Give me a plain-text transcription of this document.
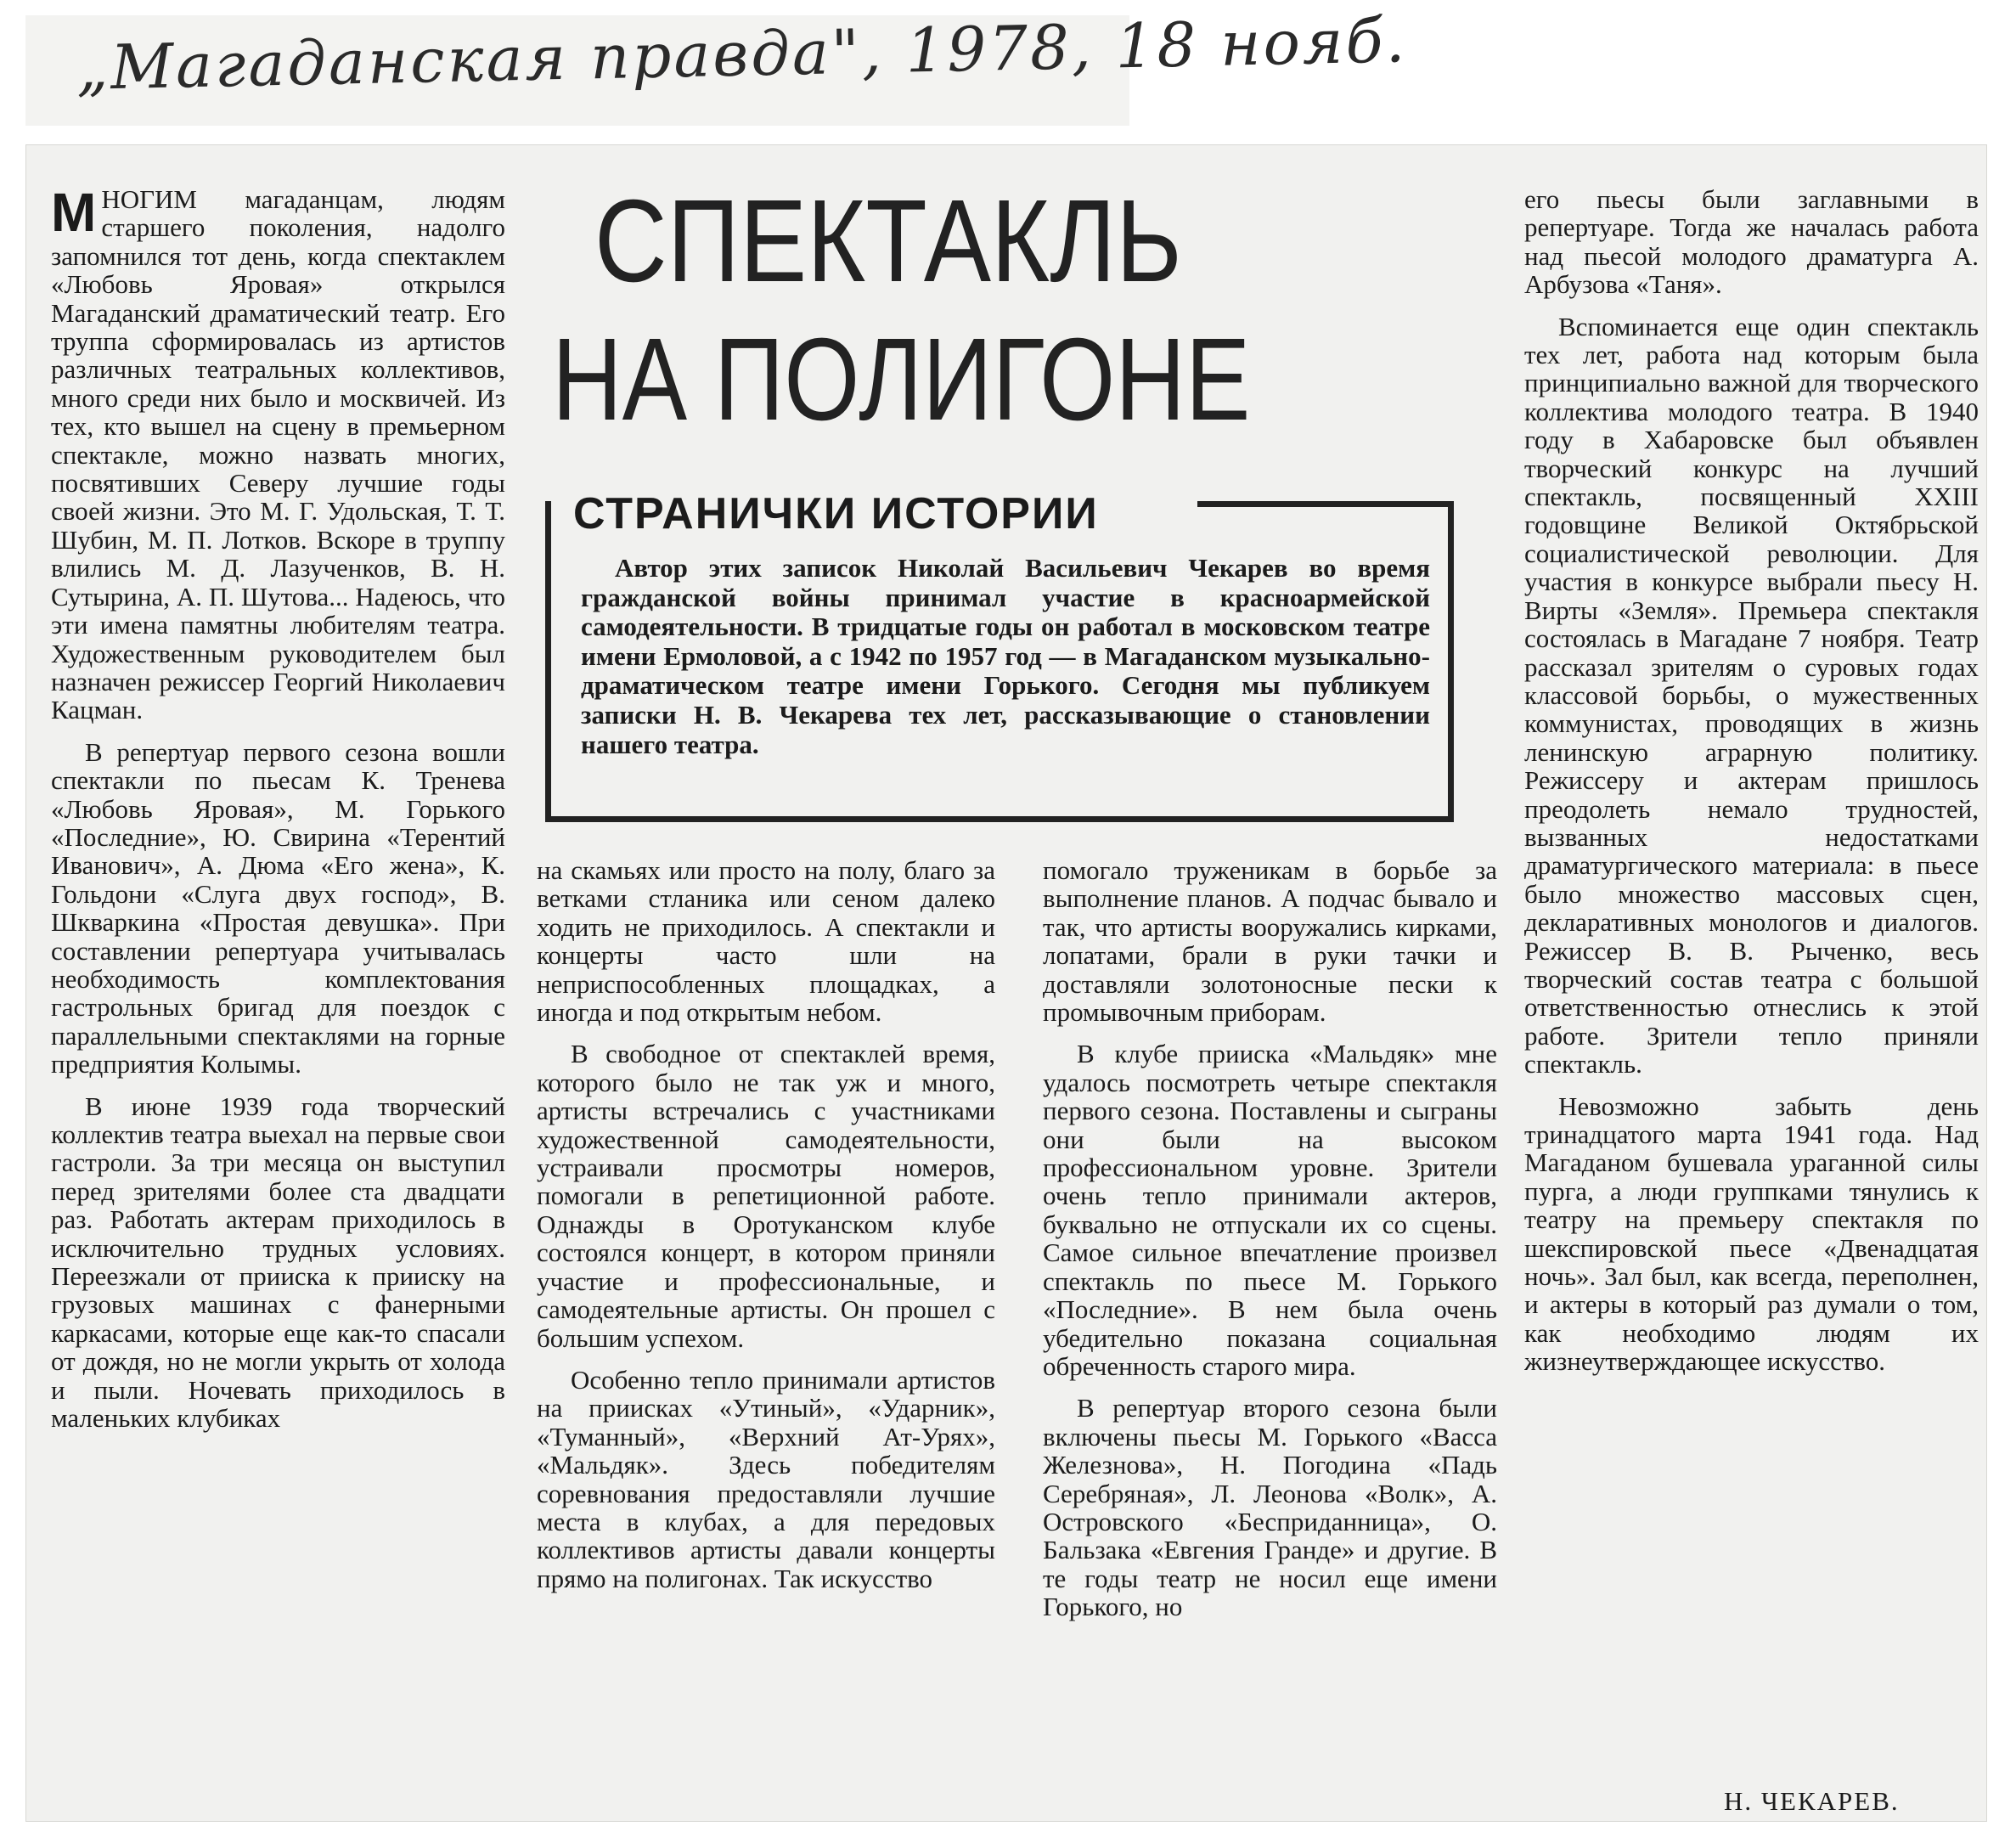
„Магаданская правда", 1978, 18 нояб.

МНОГИМ магаданцам, людям старшего поколения, надолго запомнился тот день, когда спектаклем «Любовь Яровая» открылся Магаданский драматический театр. Его труппа сформировалась из артистов различных театральных коллективов, много среди них было и москвичей. Из тех, кто вышел на сцену в премьерном спектакле, можно назвать многих, посвятивших Северу лучшие годы своей жизни. Это М. Г. Удольская, Т. Т. Шубин, М. П. Лотков. Вскоре в труппу влились М. Д. Лазученков, В. Н. Сутырина, А. П. Шутова... Надеюсь, что эти имена памятны любителям театра. Художественным руководителем был назначен режиссер Георгий Николаевич Кацман.

В репертуар первого сезона вошли спектакли по пьесам К. Тренева «Любовь Яровая», М. Горького «Последние», Ю. Свирина «Терентий Иванович», А. Дюма «Его жена», К. Гольдони «Слуга двух господ», В. Шкваркина «Простая девушка». При составлении репертуара учитывалась необходимость комплектования гастрольных бригад для поездок с параллельными спектаклями на горные предприятия Колымы.

В июне 1939 года творческий коллектив театра выехал на первые свои гастроли. За три месяца он выступил перед зрителями более ста двадцати раз. Работать актерам приходилось в исключительно трудных условиях. Переезжали от прииска к прииску на грузовых машинах с фанерными каркасами, которые еще как-то спасали от дождя, но не могли укрыть от холода и пыли. Ночевать приходилось в маленьких клубиках

СПЕКТАКЛЬ
НА ПОЛИГОНЕ
СТРАНИЧКИ ИСТОРИИ
Автор этих записок Николай Васильевич Чекарев во время гражданской войны принимал участие в красноармейской самодеятельности. В тридцатые годы он работал в московском театре имени Ермоловой, а с 1942 по 1957 год — в Магаданском музыкально-драматическом театре имени Горького. Сегодня мы публикуем записки Н. В. Чекарева тех лет, рассказывающие о становлении нашего театра.

на скамьях или просто на полу, благо за ветками стланика или сеном далеко ходить не приходилось. А спектакли и концерты часто шли на неприспособленных площадках, а иногда и под открытым небом.

В свободное от спектаклей время, которого было не так уж и много, артисты встречались с участниками художественной самодеятельности, устраивали просмотры номеров, помогали в репетиционной работе. Однажды в Оротуканском клубе состоялся концерт, в котором приняли участие и профессиональные, и самодеятельные артисты. Он прошел с большим успехом.

Особенно тепло принимали артистов на приисках «Утиный», «Ударник», «Туманный», «Верхний Ат-Урях», «Мальдяк». Здесь победителям соревнования предоставляли лучшие места в клубах, а для передовых коллективов артисты давали концерты прямо на полигонах. Так искусство

помогало труженикам в борьбе за выполнение планов. А подчас бывало и так, что артисты вооружались кирками, лопатами, брали в руки тачки и доставляли золотоносные пески к промывочным приборам.

В клубе прииска «Мальдяк» мне удалось посмотреть четыре спектакля первого сезона. Поставлены и сыграны они были на высоком профессиональном уровне. Зрители очень тепло принимали актеров, буквально не отпускали их со сцены. Самое сильное впечатление произвел спектакль по пьесе М. Горького «Последние». В нем была очень убедительно показана социальная обреченность старого мира.

В репертуар второго сезона были включены пьесы М. Горького «Васса Железнова», Н. Погодина «Падь Серебряная», Л. Леонова «Волк», А. Островского «Бесприданница», О. Бальзака «Евгения Гранде» и другие. В те годы театр не носил еще имени Горького, но

его пьесы были заглавными в репертуаре. Тогда же началась работа над пьесой молодого драматурга А. Арбузова «Таня».

Вспоминается еще один спектакль тех лет, работа над которым была принципиально важной для творческого коллектива молодого театра. В 1940 году в Хабаровске был объявлен творческий конкурс на лучший спектакль, посвященный XXIII годовщине Великой Октябрьской социалистической революции. Для участия в конкурсе выбрали пьесу Н. Вирты «Земля». Премьера спектакля состоялась в Магадане 7 ноября. Театр рассказал зрителям о суровых годах классовой борьбы, о мужественных коммунистах, проводящих в жизнь ленинскую аграрную политику. Режиссеру и актерам пришлось преодолеть немало трудностей, вызванных недостатками драматургического материала: в пьесе было множество массовых сцен, декларативных монологов и диалогов. Режиссер В. В. Рыченко, весь творческий состав театра с большой ответственностью отнеслись к этой работе. Зрители тепло приняли спектакль.

Невозможно забыть день тринадцатого марта 1941 года. Над Магаданом бушевала ураганной силы пурга, а люди группками тянулись к театру на премьеру спектакля по шекспировской пьесе «Двенадцатая ночь». Зал был, как всегда, переполнен, и актеры в который раз думали о том, как необходимо людям их жизнеутверждающее искусство.

Н. ЧЕКАРЕВ.
